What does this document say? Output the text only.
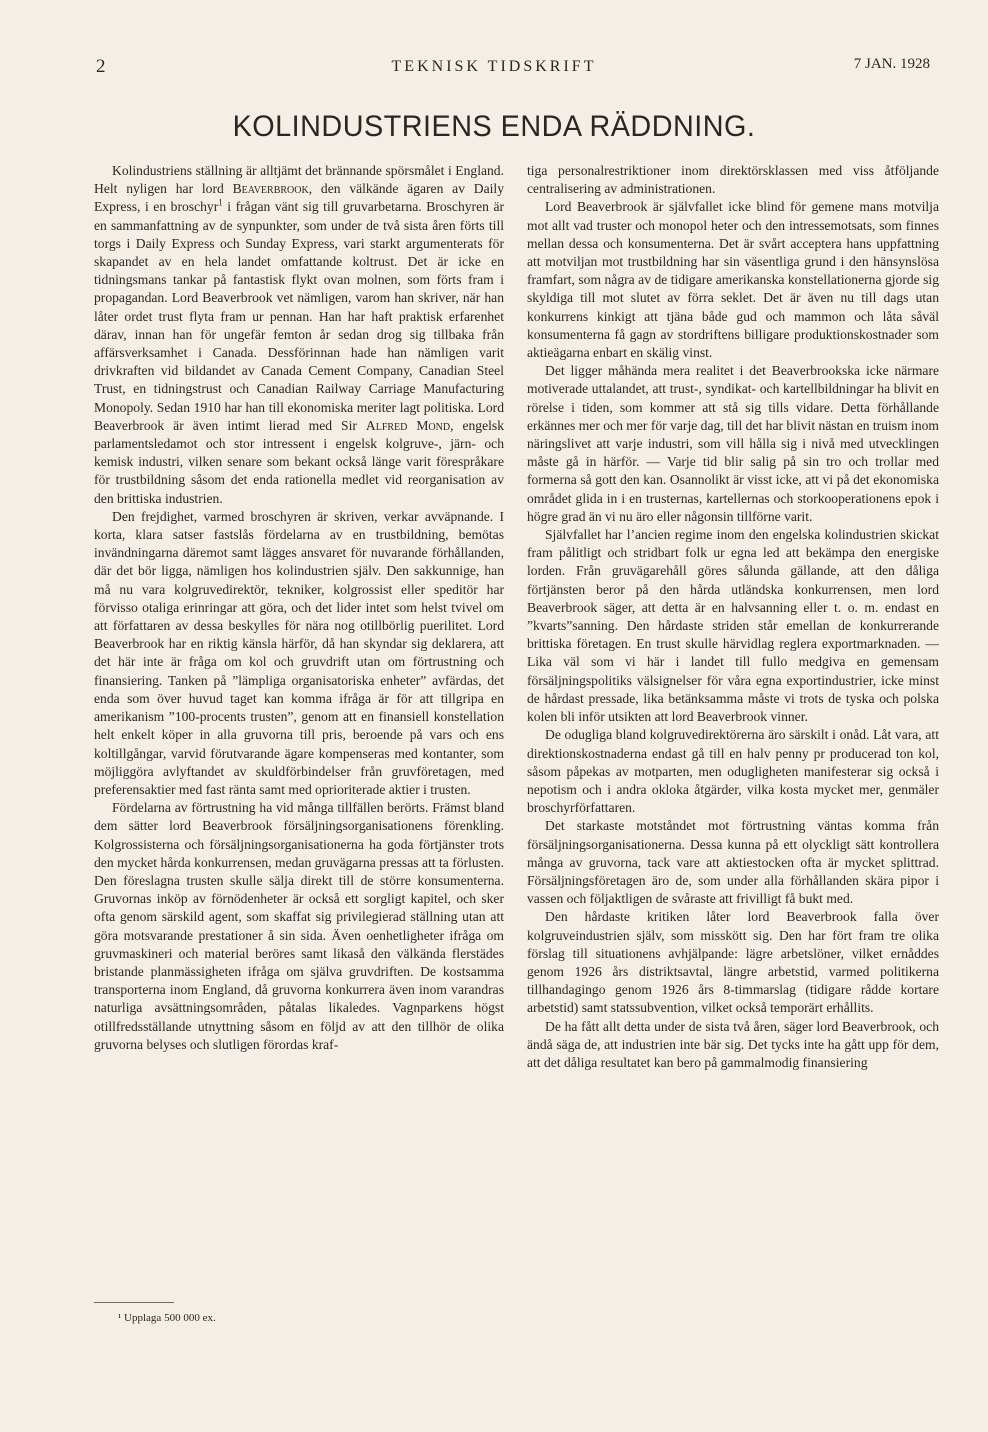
2	TEKNISK TIDSKRIFT	7 JAN. 1928
KOLINDUSTRIENS ENDA RÄDDNING.

Kolindustriens ställning är alltjämt det brännande spörsmålet i England. Helt nyligen har lord Beaverbrook, den välkände ägaren av Daily Express, i en broschyr$^1$ i frågan vänt sig till gruvarbetarna. Broschyren är en sammanfattning av de synpunkter, som under de två sista åren förts till torgs i Daily Express och Sunday Express, vari starkt argumenterats för skapandet av en hela landet omfattande koltrust. Det är icke en tidningsmans tankar på fantastisk flykt ovan molnen, som förts fram i propagandan. Lord Beaverbrook vet nämligen, varom han skriver, när han låter ordet trust flyta fram ur pennan. Han har haft praktisk erfarenhet därav, innan han för ungefär femton år sedan drog sig tillbaka från affärsverksamhet i Canada. Dessförinnan hade han nämligen varit drivkraften vid bildandet av Canada Cement Company, Canadian Steel Trust, en tidningstrust och Canadian Railway Carriage Manufacturing Monopoly. Sedan 1910 har han till ekonomiska meriter lagt politiska. Lord Beaverbrook är även intimt lierad med Sir Alfred Mond, engelsk parlamentsledamot och stor intressent i engelsk kolgruve-, järn- och kemisk industri, vilken senare som bekant också länge varit förespråkare för trustbildning såsom det enda rationella medlet vid reorganisation av den brittiska industrien.

Den frejdighet, varmed broschyren är skriven, verkar avväpnande. I korta, klara satser fastslås fördelarna av en trustbildning, bemötas invändningarna däremot samt lägges ansvaret för nuvarande förhållanden, där det bör ligga, nämligen hos kolindustrien själv. Den sakkunnige, han må nu vara kolgruvedirektör, tekniker, kolgrossist eller speditör har förvisso otaliga erinringar att göra, och det lider intet som helst tvivel om att författaren av dessa beskylles för nära nog otillbörlig puerilitet. Lord Beaverbrook har en riktig känsla härför, då han skyndar sig deklarera, att det här inte är fråga om kol och gruvdrift utan om förtrustning och finansiering. Tanken på ”lämpliga organisatoriska enheter” avfärdas, det enda som över huvud taget kan komma ifråga är för att tillgripa en amerikanism ”100-procents trusten”, genom att en finansiell konstellation helt enkelt köper in alla gruvorna till pris, beroende på vars och ens koltillgångar, varvid förutvarande ägare kompenseras med kontanter, som möjliggöra avlyftandet av skuldförbindelser från gruvföretagen, med preferensaktier med fast ränta samt med oprioriterade aktier i trusten.

Fördelarna av förtrustning ha vid många tillfällen berörts. Främst bland dem sätter lord Beaverbrook försäljningsorganisationens förenkling. Kolgrossisterna och försäljningsorganisationerna ha goda förtjänster trots den mycket hårda konkurrensen, medan gruvägarna pressas att ta förlusten. Den föreslagna trusten skulle sälja direkt till de större konsumenterna. Gruvornas inköp av förnödenheter är också ett sorgligt kapitel, och sker ofta genom särskild agent, som skaffat sig privilegierad ställning utan att göra motsvarande prestationer å sin sida. Även oenhetligheter ifråga om gruvmaskineri och material beröres samt likaså den välkända flerstädes bristande planmässigheten ifråga om själva gruvdriften. De kostsamma transporterna inom England, då gruvorna konkurrera även inom varandras naturliga avsättningsområden, påtalas likaledes. Vagnparkens högst otillfredsställande utnyttning såsom en följd av att den tillhör de olika gruvorna belyses och slutligen förordas kraf-

tiga personalrestriktioner inom direktörsklassen med viss åtföljande centralisering av administrationen.

Lord Beaverbrook är självfallet icke blind för gemene mans motvilja mot allt vad truster och monopol heter och den intressemotsats, som finnes mellan dessa och konsumenterna. Det är svårt acceptera hans uppfattning att motviljan mot trustbildning har sin väsentliga grund i den hänsynslösa framfart, som några av de tidigare amerikanska konstellationerna gjorde sig skyldiga till mot slutet av förra seklet. Det är även nu till dags utan konkurrens kinkigt att tjäna både gud och mammon och låta såväl konsumenterna få gagn av stordriftens billigare produktionskostnader som aktieägarna enbart en skälig vinst.

Det ligger måhända mera realitet i det Beaverbrookska icke närmare motiverade uttalandet, att trust-, syndikat- och kartellbildningar ha blivit en rörelse i tiden, som kommer att stå sig tills vidare. Detta förhållande erkännes mer och mer för varje dag, till det har blivit nästan en truism inom näringslivet att varje industri, som vill hålla sig i nivå med utvecklingen måste gå in härför. — Varje tid blir salig på sin tro och trollar med formerna så gott den kan. Osannolikt är visst icke, att vi på det ekonomiska området glida in i en trusternas, kartellernas och storkooperationens epok i högre grad än vi nu äro eller någonsin tillförne varit.

Självfallet har l’ancien regime inom den engelska kolindustrien skickat fram pålitligt och stridbart folk ur egna led att bekämpa den energiske lorden. Från gruvägarehåll göres sålunda gällande, att den dåliga förtjänsten beror på den hårda utländska konkurrensen, men lord Beaverbrook säger, att detta är en halvsanning eller t. o. m. endast en ”kvarts”sanning. Den hårdaste striden står emellan de konkurrerande brittiska företagen. En trust skulle härvidlag reglera exportmarknaden. — Lika väl som vi här i landet till fullo medgiva en gemensam försäljningspolitiks välsignelser för våra egna exportindustrier, icke minst de hårdast pressade, lika betänksamma måste vi trots de tyska och polska kolen bli inför utsikten att lord Beaverbrook vinner.

De odugliga bland kolgruvedirektörerna äro särskilt i onåd. Låt vara, att direktionskostnaderna endast gå till en halv penny pr producerad ton kol, såsom påpekas av motparten, men odugligheten manifesterar sig också i nepotism och i andra okloka åtgärder, vilka kosta mycket mer, genmäler broschyrförfattaren.

Det starkaste motståndet mot förtrustning väntas komma från försäljningsorganisationerna. Dessa kunna på ett olyckligt sätt kontrollera många av gruvorna, tack vare att aktiestocken ofta är mycket splittrad. Försäljningsföretagen äro de, som under alla förhållanden skära pipor i vassen och följaktligen de svåraste att frivilligt få bukt med.

Den hårdaste kritiken låter lord Beaverbrook falla över kolgruveindustrien själv, som misskött sig. Den har fört fram tre olika förslag till situationens avhjälpande: lägre arbetslöner, vilket ernåddes genom 1926 års distriktsavtal, längre arbetstid, varmed politikerna tillhandagingo genom 1926 års 8-timmarslag (tidigare rådde kortare arbetstid) samt statssubvention, vilket också temporärt erhållits.

De ha fått allt detta under de sista två åren, säger lord Beaverbrook, och ändå säga de, att industrien inte bär sig. Det tycks inte ha gått upp för dem, att det dåliga resultatet kan bero på gammalmodig finansiering

¹ Upplaga 500 000 ex.
